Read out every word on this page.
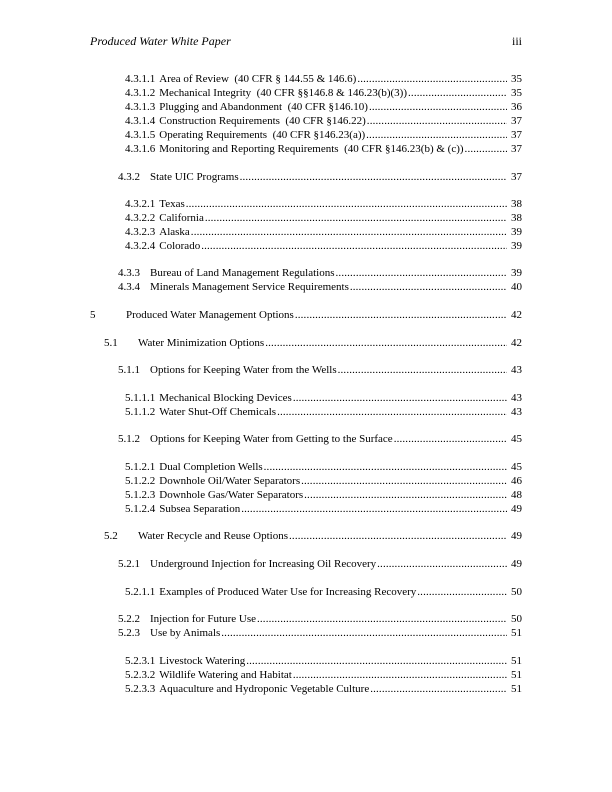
Produced Water White Paper	iii
4.3.1.1 Area of Review  (40 CFR § 144.55 & 146.6) . . .	35
4.3.1.2 Mechanical Integrity  (40 CFR §§146.8 & 146.23(b)(3)) . . .	35
4.3.1.3 Plugging and Abandonment  (40 CFR §146.10) . . .	36
4.3.1.4 Construction Requirements  (40 CFR §146.22) . . .	37
4.3.1.5 Operating Requirements  (40 CFR §146.23(a)) . . .	37
4.3.1.6 Monitoring and Reporting Requirements  (40 CFR §146.23(b) & (c)) . . .	37
4.3.2 State UIC Programs . . .	37
4.3.2.1 Texas . . .	38
4.3.2.2 California . . .	38
4.3.2.3 Alaska . . .	39
4.3.2.4 Colorado . . .	39
4.3.3 Bureau of Land Management Regulations . . .	39
4.3.4 Minerals Management Service Requirements . . .	40
5	Produced Water Management Options . . .	42
5.1 Water Minimization Options . . .	42
5.1.1 Options for Keeping Water from the Wells . . .	43
5.1.1.1 Mechanical Blocking Devices . . .	43
5.1.1.2 Water Shut-Off Chemicals . . .	43
5.1.2 Options for Keeping Water from Getting to the Surface . . .	45
5.1.2.1 Dual Completion Wells . . .	45
5.1.2.2 Downhole Oil/Water Separators . . .	46
5.1.2.3 Downhole Gas/Water Separators . . .	48
5.1.2.4 Subsea Separation . . .	49
5.2 Water Recycle and Reuse Options . . .	49
5.2.1 Underground Injection for Increasing Oil Recovery . . .	49
5.2.1.1 Examples of Produced Water Use for Increasing Recovery . . .	50
5.2.2 Injection for Future Use . . .	50
5.2.3 Use by Animals . . .	51
5.2.3.1 Livestock Watering . . .	51
5.2.3.2 Wildlife Watering and Habitat . . .	51
5.2.3.3 Aquaculture and Hydroponic Vegetable Culture . . .	51
